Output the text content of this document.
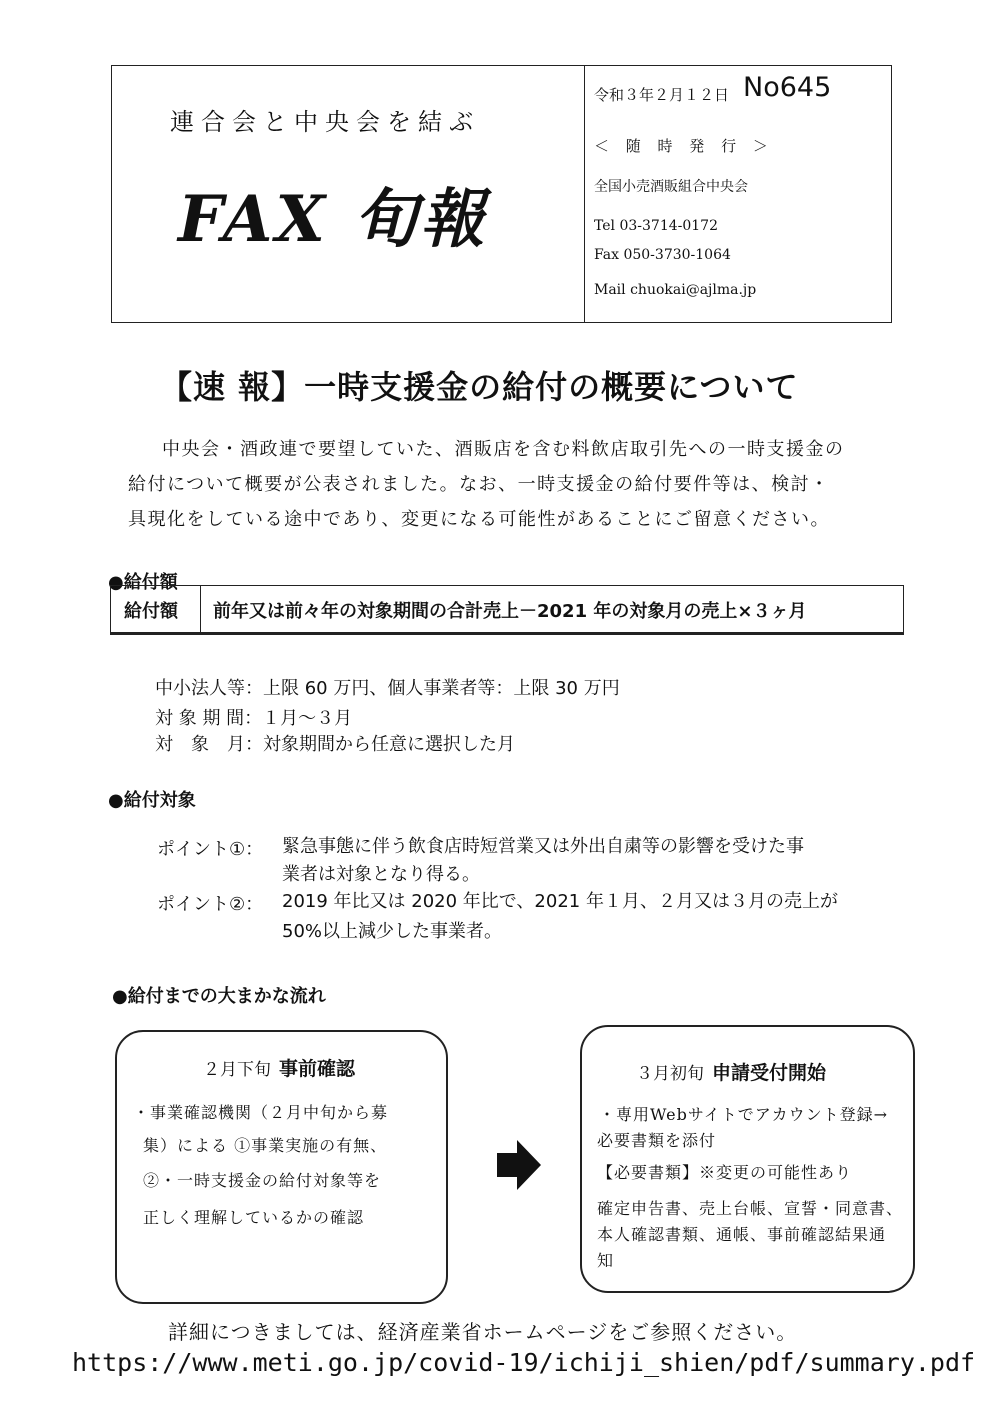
連合会と中央会を結ぶ
FAX 旬報
令和３年２月１２日 No645
＜ 随 時 発 行 ＞
全国小売酒販組合中央会
Tel 03-3714-0172
Fax 050-3730-1064
Mail chuokai@ajlma.jp
【速 報】一時支援金の給付の概要について
中央会・酒政連で要望していた、酒販店を含む料飲店取引先への一時支援金の
給付について概要が公表されました。なお、一時支援金の給付要件等は、検討・
具現化をしている途中であり、変更になる可能性があることにご留意ください。
●給付額
給付額 前年又は前々年の対象期間の合計売上－2021 年の対象月の売上×３ヶ月
中小法人等：上限 60 万円、個人事業者等：上限 30 万円
対 象 期 間：１月～３月
対　象　月：対象期間から任意に選択した月
●給付対象
ポイント①： 緊急事態に伴う飲食店時短営業又は外出自粛等の影響を受けた事
業者は対象となり得る。
ポイント②： 2019 年比又は 2020 年比で、2021 年１月、２月又は３月の売上が
50%以上減少した事業者。
●給付までの大まかな流れ
２月下旬 事前確認
・事業確認機関（２月中旬から募
集）による ①事業実施の有無、
②・一時支援金の給付対象等を
正しく理解しているかの確認
３月初旬 申請受付開始
・専用Webサイトでアカウント登録→
必要書類を添付
【必要書類】※変更の可能性あり
確定申告書、売上台帳、宣誓・同意書、
本人確認書類、通帳、事前確認結果通
知
詳細につきましては、経済産業省ホームページをご参照ください。
https://www.meti.go.jp/covid-19/ichiji_shien/pdf/summary.pdf
